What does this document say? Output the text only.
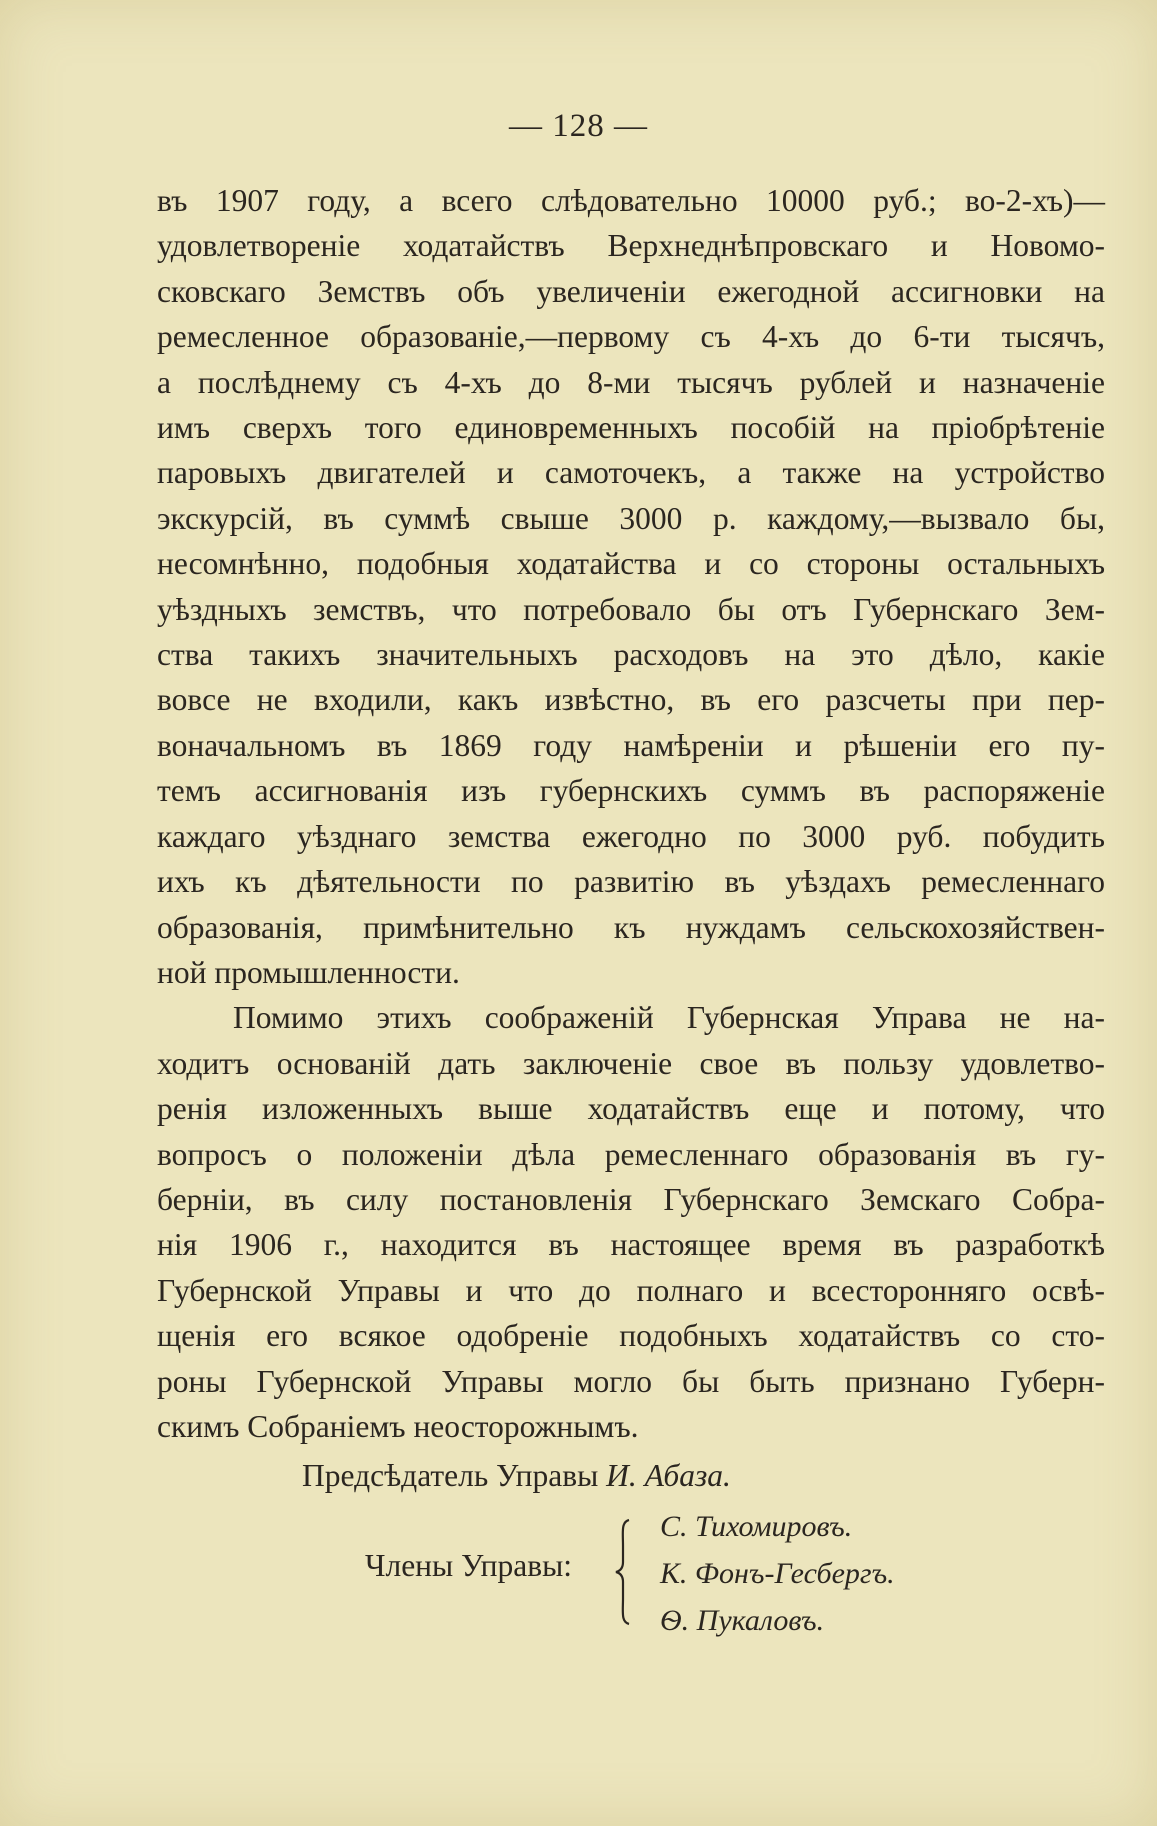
— 128 —
въ 1907 году, а всего слѣдовательно 10000 руб.; во-2-хъ)—
удовлетвореніе ходатайствъ Верхнеднѣпровскаго и Новомо-
сковскаго Земствъ объ увеличеніи ежегодной ассигновки на
ремесленное образованіе,—первому съ 4-хъ до 6-ти тысячъ,
а послѣднему съ 4-хъ до 8-ми тысячъ рублей и назначеніе
имъ сверхъ того единовременныхъ пособій на пріобрѣтеніе
паровыхъ двигателей и самоточекъ, а также на устройство
экскурсій, въ суммѣ свыше 3000 р. каждому,—вызвало бы,
несомнѣнно, подобныя ходатайства и со стороны остальныхъ
уѣздныхъ земствъ, что потребовало бы отъ Губернскаго Зем-
ства такихъ значительныхъ расходовъ на это дѣло, какіе
вовсе не входили, какъ извѣстно, въ его разсчеты при пер-
воначальномъ въ 1869 году намѣреніи и рѣшеніи его пу-
темъ ассигнованія изъ губернскихъ суммъ въ распоряженіе
каждаго уѣзднаго земства ежегодно по 3000 руб. побудить
ихъ къ дѣятельности по развитію въ уѣздахъ ремесленнаго
образованія, примѣнительно къ нуждамъ сельскохозяйствен-
ной промышленности.
Помимо этихъ соображеній Губернская Управа не на-
ходитъ основаній дать заключеніе свое въ пользу удовлетво-
ренія изложенныхъ выше ходатайствъ еще и потому, что
вопросъ о положеніи дѣла ремесленнаго образованія въ гу-
берніи, въ силу постановленія Губернскаго Земскаго Собра-
нія 1906 г., находится въ настоящее время въ разработкѣ
Губернской Управы и что до полнаго и всесторонняго освѣ-
щенія его всякое одобреніе подобныхъ ходатайствъ со сто-
роны Губернской Управы могло бы быть признано Губерн-
скимъ Собраніемъ неосторожнымъ.
Предсѣдатель Управы И. Абаза.
Члены Управы:
С. Тихомировъ.
К. Фонъ-Гесбергъ.
Ѳ. Пукаловъ.
